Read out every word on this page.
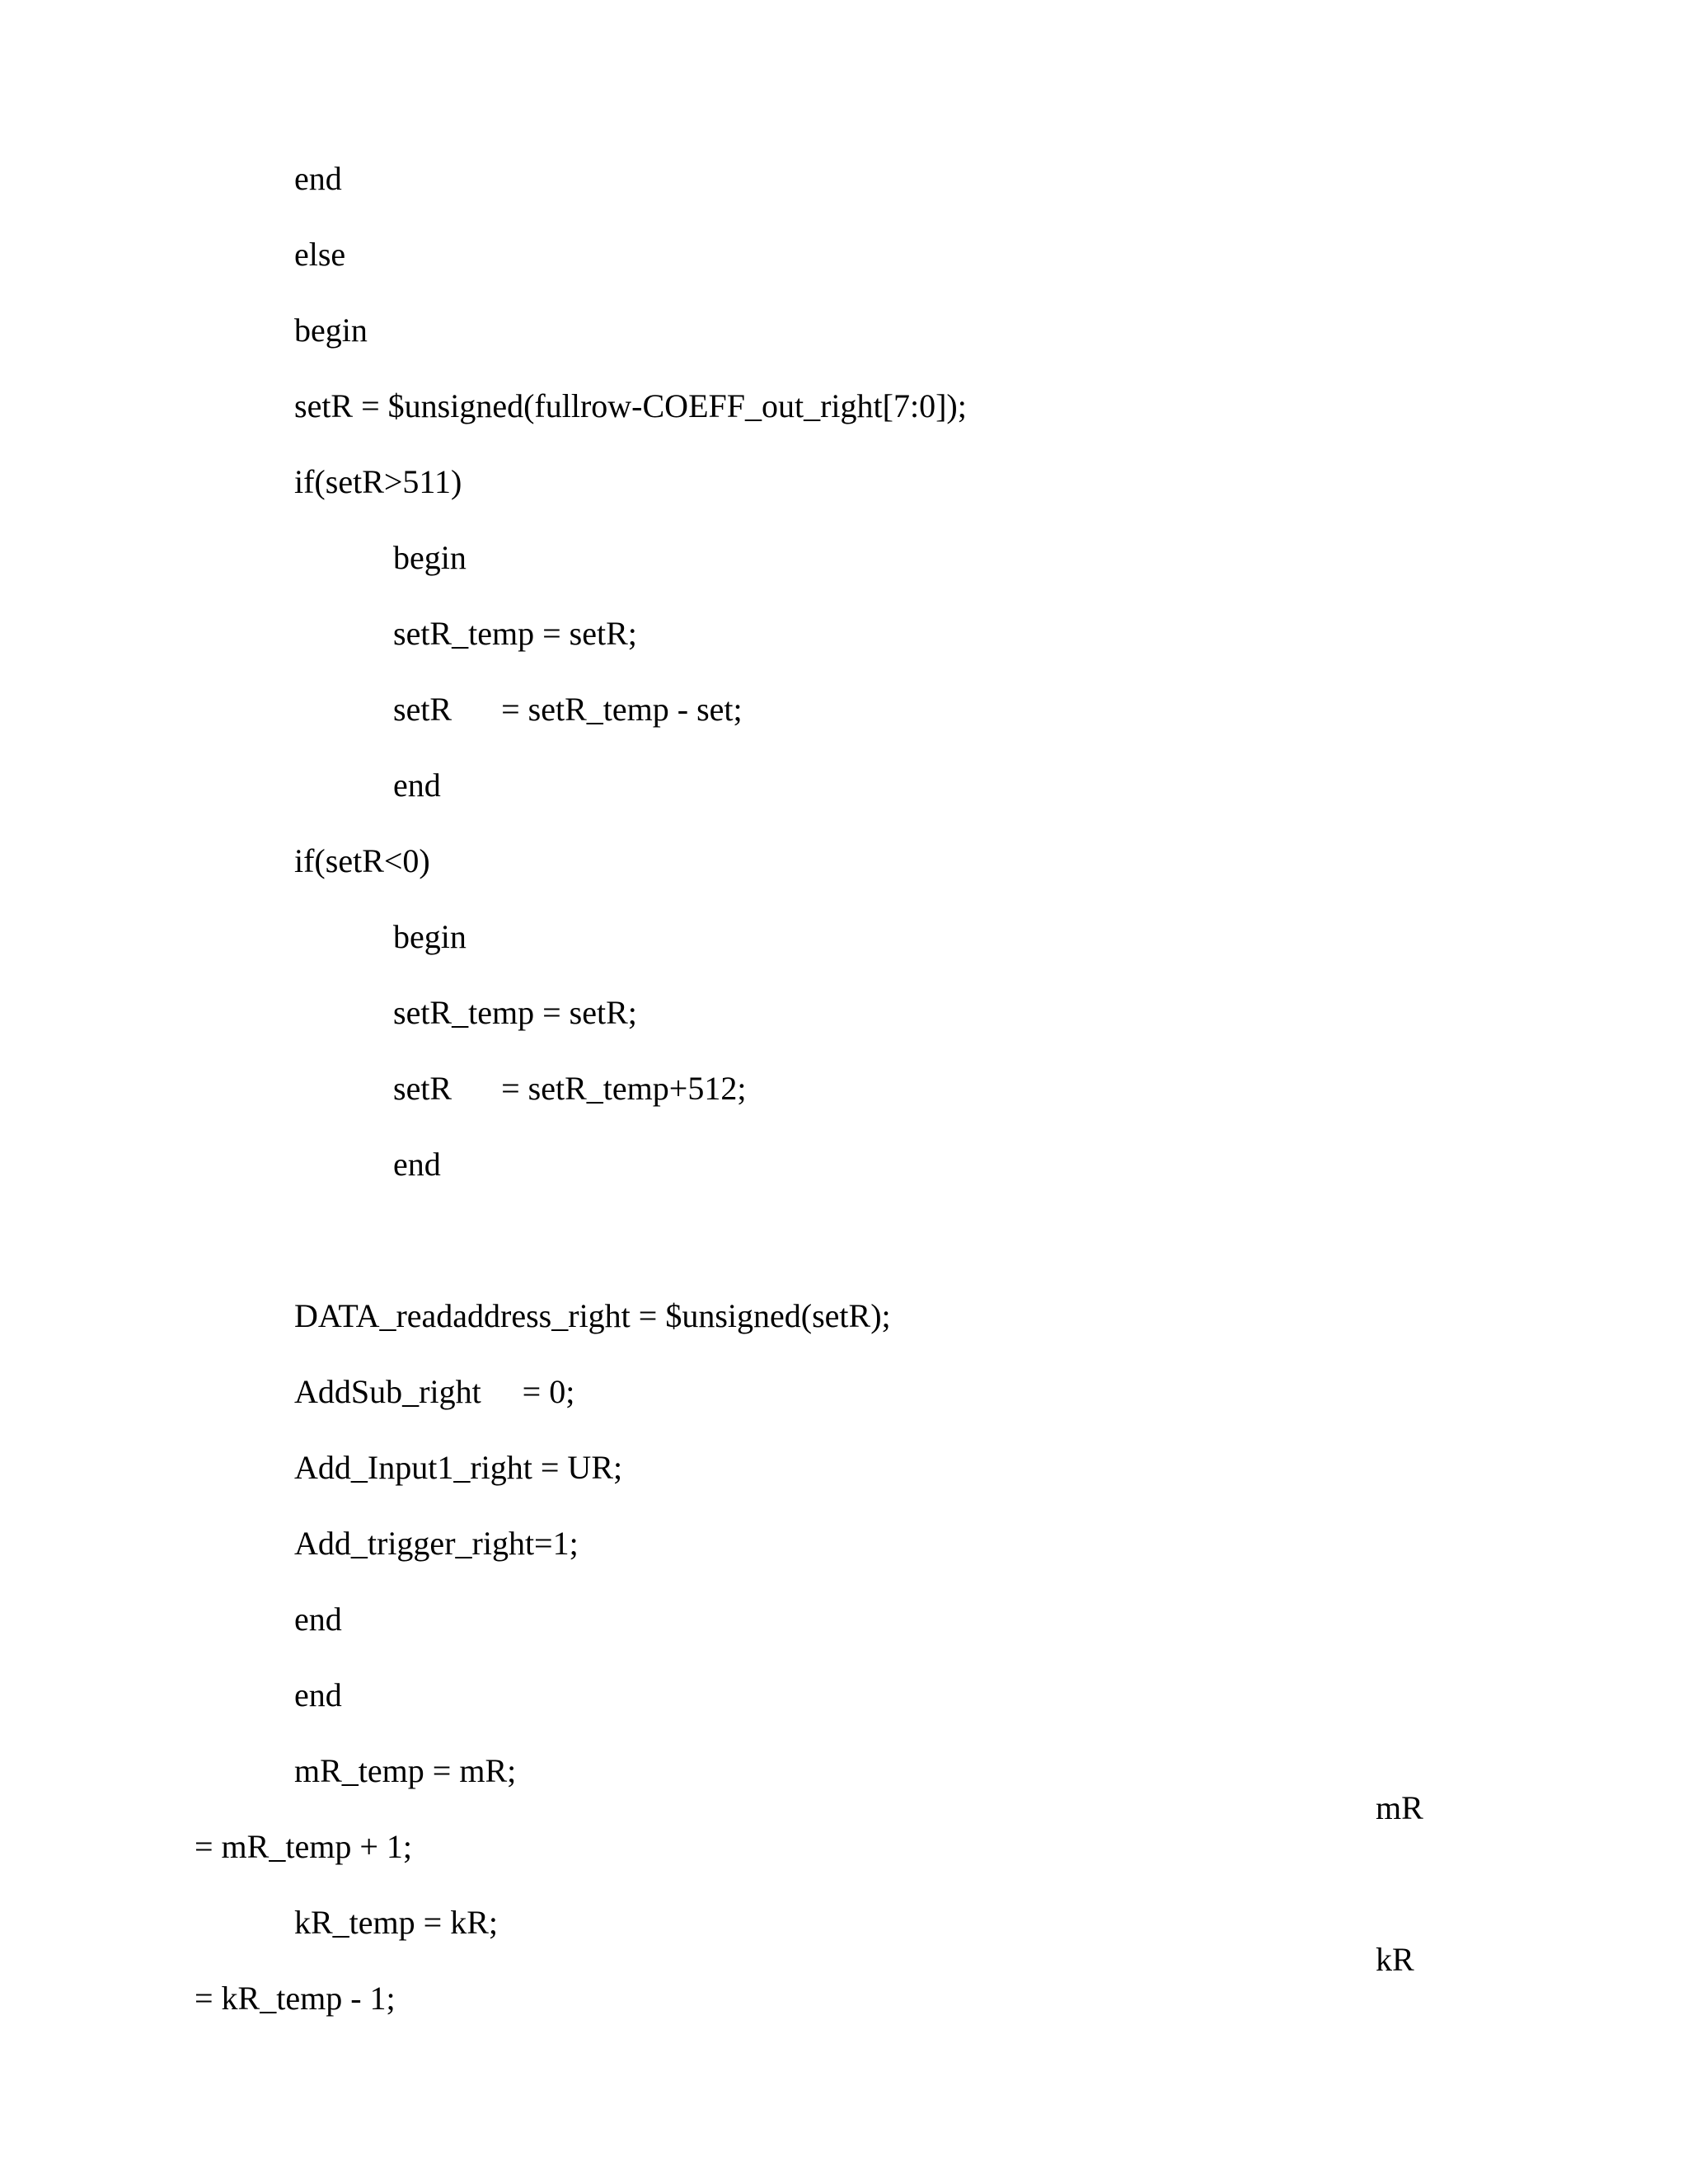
end

else

begin

setR = $unsigned(fullrow-COEFF_out_right[7:0]);

if(setR>511)

begin

setR_temp = setR;

setR      = setR_temp - set;

end

if(setR<0)

begin

setR_temp = setR;

setR      = setR_temp+512;

end

DATA_readaddress_right = $unsigned(setR);

AddSub_right     = 0;

Add_Input1_right = UR;

Add_trigger_right=1;

end

end

mR_temp = mR;

mR

= mR_temp + 1;

kR_temp = kR;

kR

= kR_temp - 1;
